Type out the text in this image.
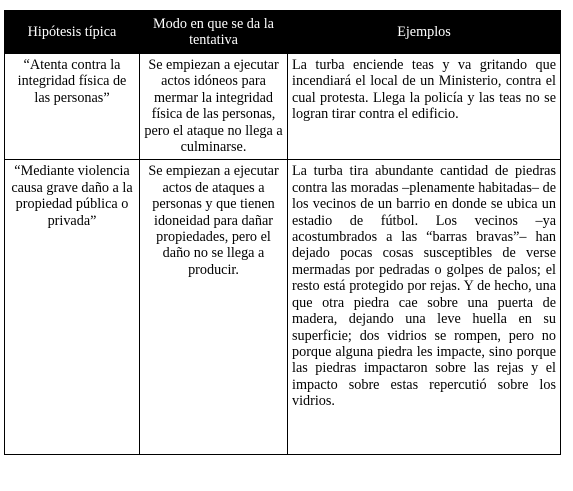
Hipótesis típica	Modo en que se da la tentativa	Ejemplos
“Atenta contra la integridad física de las personas”	Se empiezan a ejecutar actos idóneos para mermar la integridad física de las personas, pero el ataque no llega a culminarse.	La turba enciende teas y va gritando que incendiará el local de un Ministerio, contra el cual protesta. Llega la policía y las teas no se logran tirar contra el edificio.
“Mediante violencia causa grave daño a la propiedad pública o privada”	Se empiezan a ejecutar actos de ataques a personas y que tienen idoneidad para dañar propiedades, pero el daño no se llega a producir.	La turba tira abundante cantidad de piedras contra las moradas –plenamente habitadas– de los vecinos de un barrio en donde se ubica un estadio de fútbol. Los vecinos –ya acostumbrados a las “barras bravas”– han dejado pocas cosas susceptibles de verse mermadas por pedradas o golpes de palos; el resto está protegido por rejas. Y de hecho, una que otra piedra cae sobre una puerta de madera, dejando una leve huella en su superficie; dos vidrios se rompen, pero no porque alguna piedra les impacte, sino porque las piedras impactaron sobre las rejas y el impacto sobre estas repercutió sobre los vidrios.
